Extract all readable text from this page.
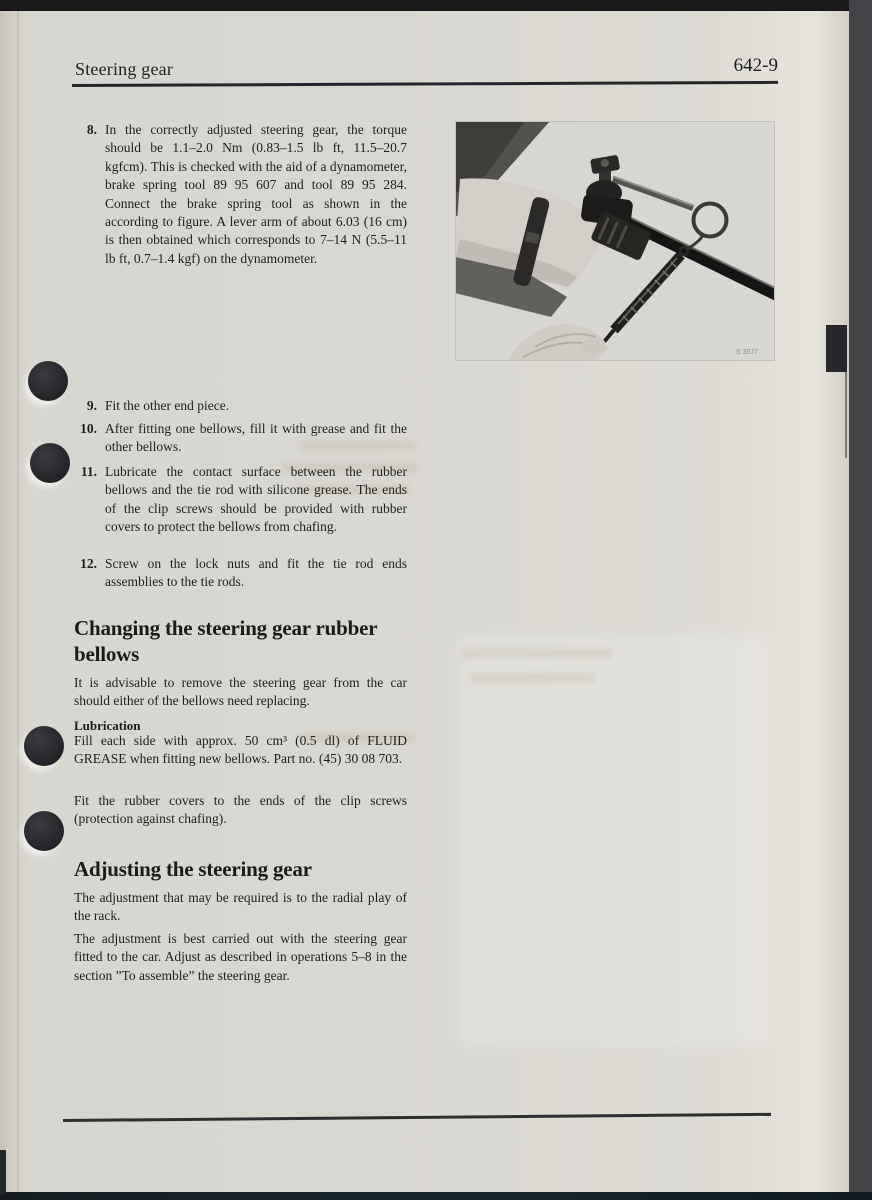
Steering gear	642-9
8. In the correctly adjusted steering gear, the torque should be 1.1–2.0 Nm (0.83–1.5 lb ft, 11.5–20.7 kgfcm). This is checked with the aid of a dynamometer, brake spring tool 89 95 607 and tool 89 95 284. Connect the brake spring tool as shown in the according to figure. A lever arm of about 6.03 (16 cm) is then obtained which corresponds to 7–14 N (5.5–11 lb ft, 0.7–1.4 kgf) on the dynamometer.
9. Fit the other end piece.
10. After fitting one bellows, fill it with grease and fit the other bellows.
11. Lubricate the contact surface between the rubber bellows and the tie rod with silicone grease. The ends of the clip screws should be provided with rubber covers to protect the bellows from chafing.
12. Screw on the lock nuts and fit the tie rod ends assemblies to the tie rods.
Changing the steering gear rubber bellows

It is advisable to remove the steering gear from the car should either of the bellows need replacing.

Lubrication

Fill each side with approx. 50 cm³ (0.5 dl) of FLUID GREASE when fitting new bellows. Part no. (45) 30 08 703.

Fit the rubber covers to the ends of the clip screws (protection against chafing).

Adjusting the steering gear

The adjustment that may be required is to the radial play of the rack.

The adjustment is best carried out with the steering gear fitted to the car. Adjust as described in operations 5–8 in the section ”To assemble” the steering gear.

S 3577
